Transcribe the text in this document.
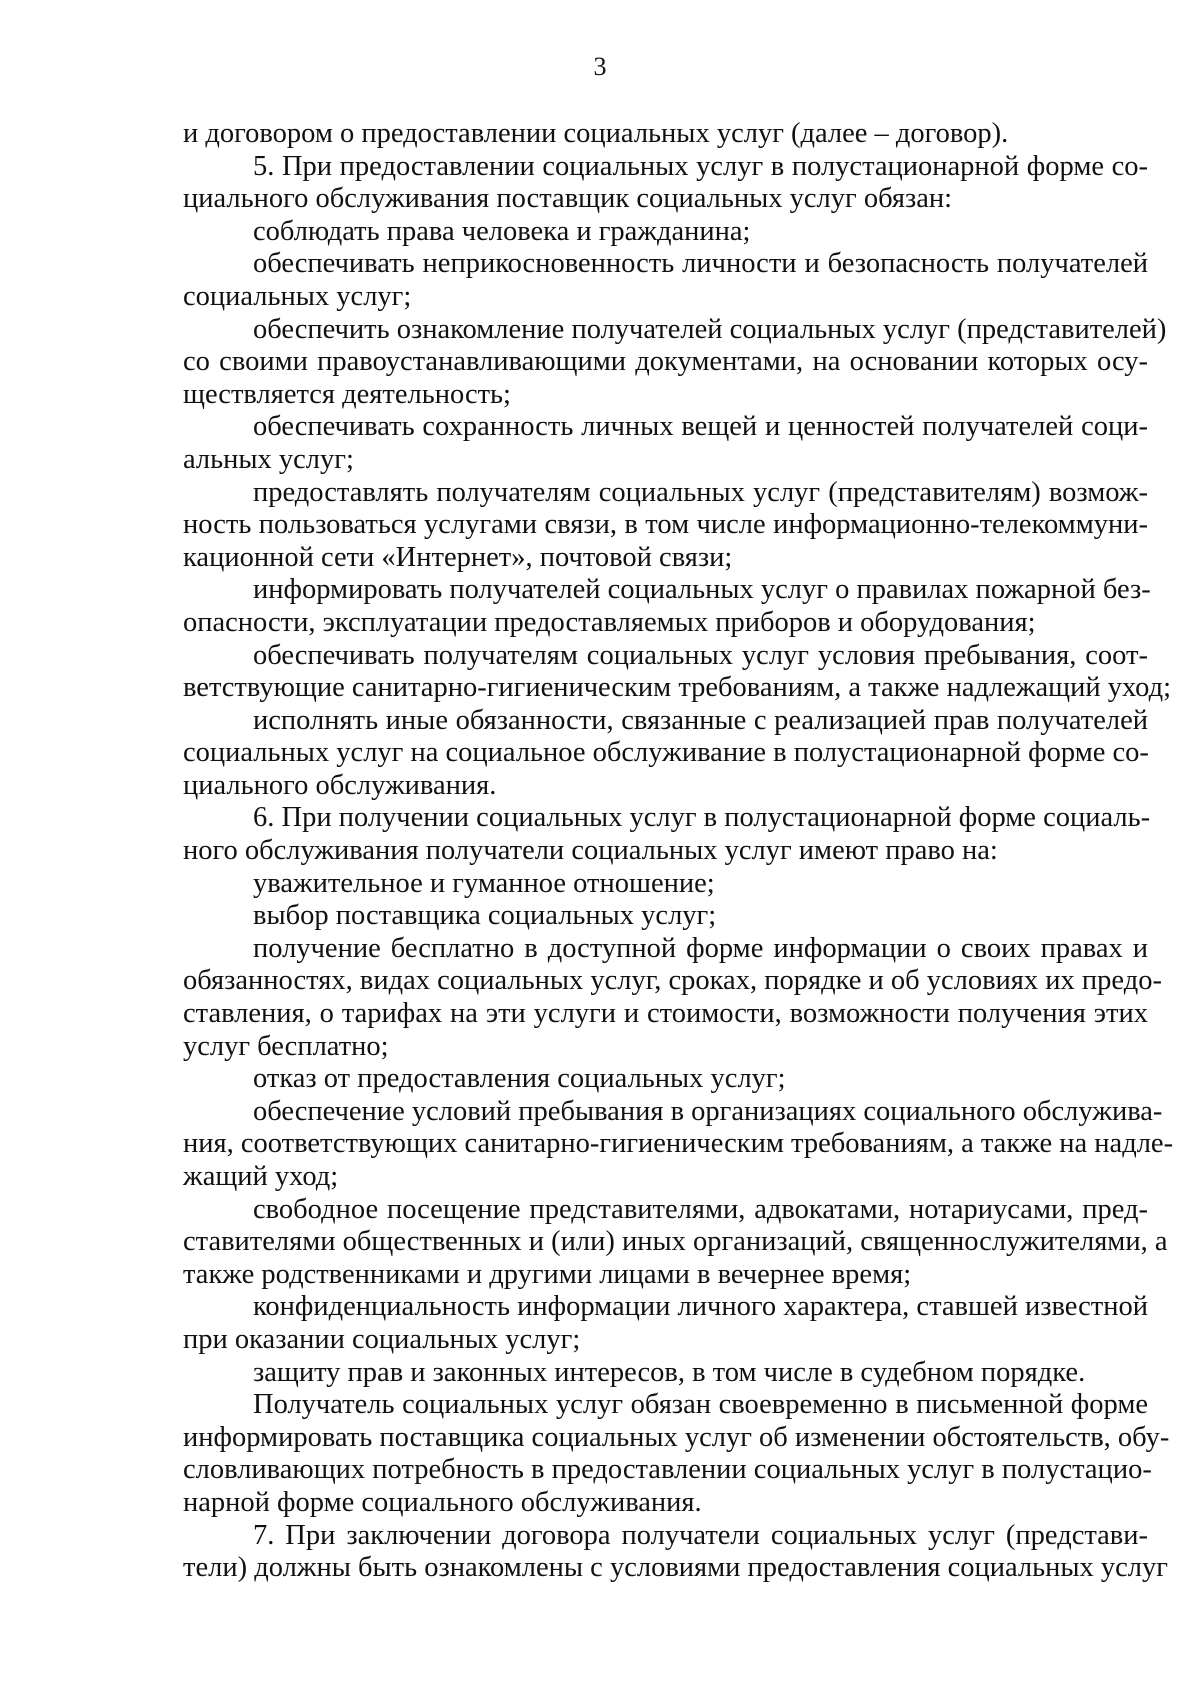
3

и договором о предоставлении социальных услуг (далее – договор).

5. При предоставлении социальных услуг в полустационарной форме со-

циального обслуживания поставщик социальных услуг обязан:

соблюдать права человека и гражданина;

обеспечивать неприкосновенность личности и безопасность получателей

социальных услуг;

обеспечить ознакомление получателей социальных услуг (представителей)

со своими правоустанавливающими документами, на основании которых осу-

ществляется деятельность;

обеспечивать сохранность личных вещей и ценностей получателей соци-

альных услуг;

предоставлять получателям социальных услуг (представителям) возмож-

ность пользоваться услугами связи, в том числе информационно-телекоммуни-

кационной сети «Интернет», почтовой связи;

информировать получателей социальных услуг о правилах пожарной без-

опасности, эксплуатации предоставляемых приборов и оборудования;

обеспечивать получателям социальных услуг условия пребывания, соот-

ветствующие санитарно-гигиеническим требованиям, а также надлежащий уход;

исполнять иные обязанности, связанные с реализацией прав получателей

социальных услуг на социальное обслуживание в полустационарной форме со-

циального обслуживания.

6. При получении социальных услуг в полустационарной форме социаль-

ного обслуживания получатели социальных услуг имеют право на:

уважительное и гуманное отношение;

выбор поставщика социальных услуг;

получение бесплатно в доступной форме информации о своих правах и

обязанностях, видах социальных услуг, сроках, порядке и об условиях их предо-

ставления, о тарифах на эти услуги и стоимости, возможности получения этих

услуг бесплатно;

отказ от предоставления социальных услуг;

обеспечение условий пребывания в организациях социального обслужива-

ния, соответствующих санитарно-гигиеническим требованиям, а также на надле-

жащий уход;

свободное посещение представителями, адвокатами, нотариусами, пред-

ставителями общественных и (или) иных организаций, священнослужителями, а

также родственниками и другими лицами в вечернее время;

конфиденциальность информации личного характера, ставшей известной

при оказании социальных услуг;

защиту прав и законных интересов, в том числе в судебном порядке.

Получатель социальных услуг обязан своевременно в письменной форме

информировать поставщика социальных услуг об изменении обстоятельств, обу-

словливающих потребность в предоставлении социальных услуг в полустацио-

нарной форме социального обслуживания.

7. При заключении договора получатели социальных услуг (представи-

тели) должны быть ознакомлены с условиями предоставления социальных услуг
